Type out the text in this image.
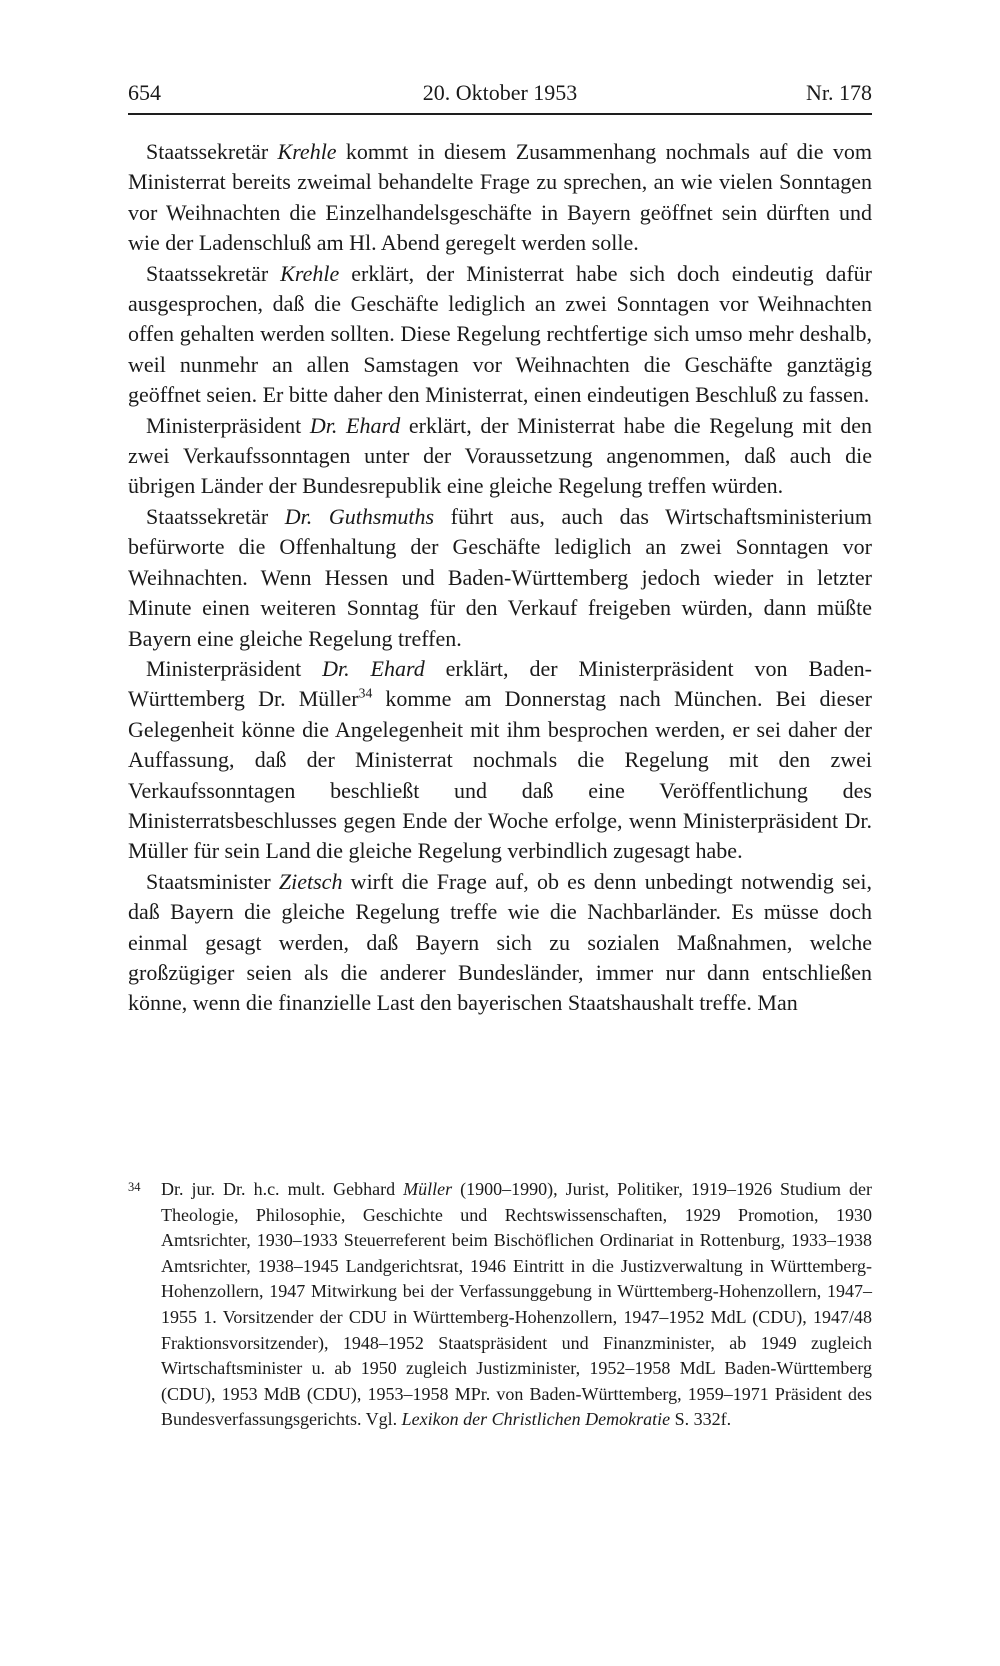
654	20. Oktober 1953	Nr. 178

Staatssekretär Krehle kommt in diesem Zusammenhang nochmals auf die vom Ministerrat bereits zweimal behandelte Frage zu sprechen, an wie vielen Sonntagen vor Weihnachten die Einzelhandelsgeschäfte in Bayern geöffnet sein dürften und wie der Ladenschluß am Hl. Abend geregelt werden solle.

Staatssekretär Krehle erklärt, der Ministerrat habe sich doch eindeutig dafür ausgesprochen, daß die Geschäfte lediglich an zwei Sonntagen vor Weihnachten offen gehalten werden sollten. Diese Regelung rechtfertige sich umso mehr deshalb, weil nunmehr an allen Samstagen vor Weihnachten die Geschäfte ganztägig geöffnet seien. Er bitte daher den Ministerrat, einen eindeutigen Beschluß zu fassen.

Ministerpräsident Dr. Ehard erklärt, der Ministerrat habe die Regelung mit den zwei Verkaufssonntagen unter der Voraussetzung angenommen, daß auch die übrigen Länder der Bundesrepublik eine gleiche Regelung treffen würden.

Staatssekretär Dr. Guthsmuths führt aus, auch das Wirtschaftsministerium befürworte die Offenhaltung der Geschäfte lediglich an zwei Sonntagen vor Weihnachten. Wenn Hessen und Baden-Württemberg jedoch wieder in letzter Minute einen weiteren Sonntag für den Verkauf freigeben würden, dann müßte Bayern eine gleiche Regelung treffen.

Ministerpräsident Dr. Ehard erklärt, der Ministerpräsident von Baden-Württemberg Dr. Müller$^{34}$ komme am Donnerstag nach München. Bei dieser Gelegenheit könne die Angelegenheit mit ihm besprochen werden, er sei daher der Auffassung, daß der Ministerrat nochmals die Regelung mit den zwei Verkaufssonntagen beschließt und daß eine Veröffentlichung des Ministerratsbeschlusses gegen Ende der Woche erfolge, wenn Ministerpräsident Dr. Müller für sein Land die gleiche Regelung verbindlich zugesagt habe.

Staatsminister Zietsch wirft die Frage auf, ob es denn unbedingt notwendig sei, daß Bayern die gleiche Regelung treffe wie die Nachbarländer. Es müsse doch einmal gesagt werden, daß Bayern sich zu sozialen Maßnahmen, welche großzügiger seien als die anderer Bundesländer, immer nur dann entschließen könne, wenn die finanzielle Last den bayerischen Staatshaushalt treffe. Man

34 Dr. jur. Dr. h.c. mult. Gebhard Müller (1900–1990), Jurist, Politiker, 1919–1926 Studium der Theologie, Philosophie, Geschichte und Rechtswissenschaften, 1929 Promotion, 1930 Amtsrichter, 1930–1933 Steuerreferent beim Bischöflichen Ordinariat in Rottenburg, 1933–1938 Amtsrichter, 1938–1945 Landgerichtsrat, 1946 Eintritt in die Justizverwaltung in Württemberg-Hohenzollern, 1947 Mitwirkung bei der Verfassunggebung in Württemberg-Hohenzollern, 1947–1955 1. Vorsitzender der CDU in Württemberg-Hohenzollern, 1947–1952 MdL (CDU), 1947/48 Fraktionsvorsitzender), 1948–1952 Staatspräsident und Finanzminister, ab 1949 zugleich Wirtschaftsminister u. ab 1950 zugleich Justizminister, 1952–1958 MdL Baden-Württemberg (CDU), 1953 MdB (CDU), 1953–1958 MPr. von Baden-Württemberg, 1959–1971 Präsident des Bundesverfassungsgerichts. Vgl. Lexikon der Christlichen Demokratie S. 332f.
